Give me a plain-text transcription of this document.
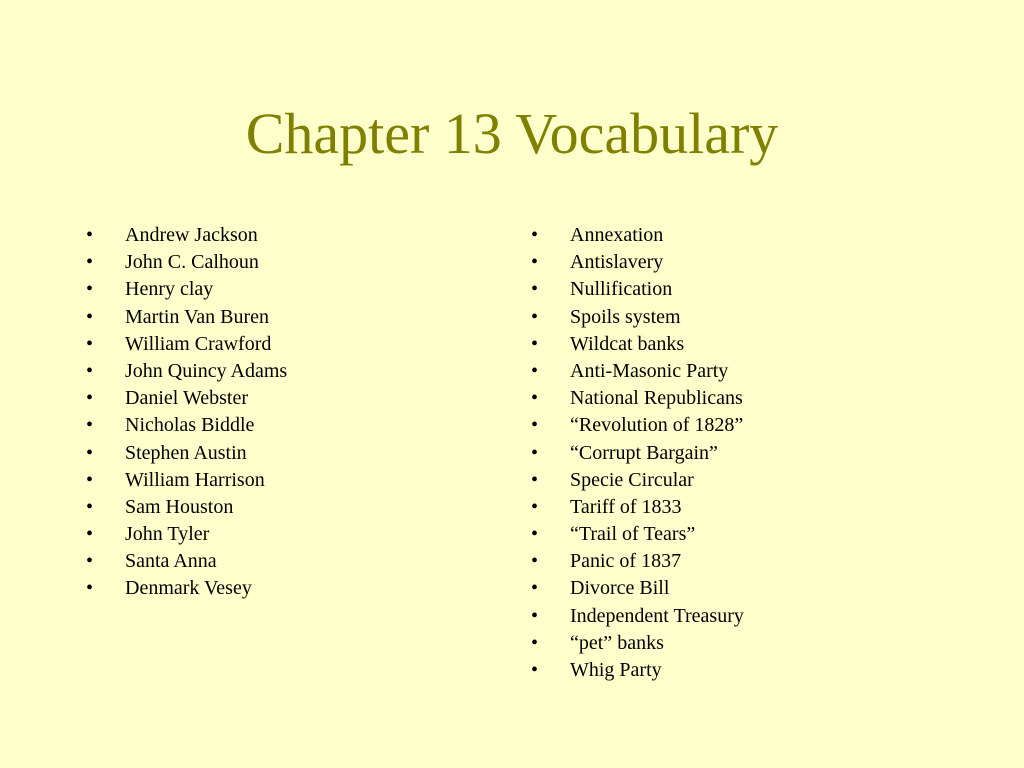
Chapter 13 Vocabulary
• Andrew Jackson
• John C. Calhoun
• Henry clay
• Martin Van Buren
• William Crawford
• John Quincy Adams
• Daniel Webster
• Nicholas Biddle
• Stephen Austin
• William Harrison
• Sam Houston
• John Tyler
• Santa Anna
• Denmark Vesey
• Annexation
• Antislavery
• Nullification
• Spoils system
• Wildcat banks
• Anti-Masonic Party
• National Republicans
• “Revolution of 1828”
• “Corrupt Bargain”
• Specie Circular
• Tariff of 1833
• “Trail of Tears”
• Panic of 1837
• Divorce Bill
• Independent Treasury
• “pet” banks
• Whig Party
